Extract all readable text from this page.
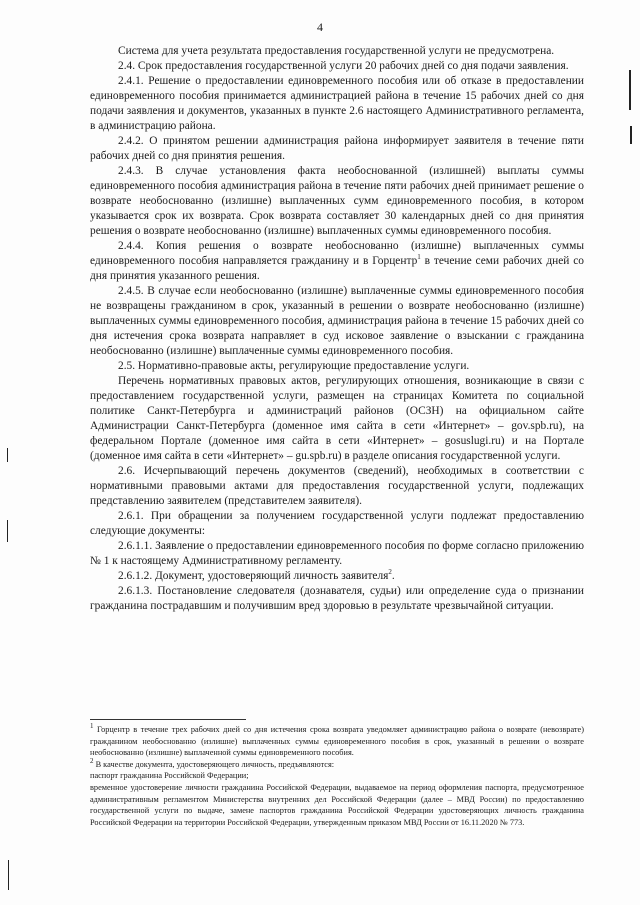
4

Система для учета результата предоставления государственной услуги не предусмотрена.

2.4. Срок предоставления государственной услуги 20 рабочих дней со дня подачи заявления.

2.4.1. Решение о предоставлении единовременного пособия или об отказе в предоставлении единовременного пособия принимается администрацией района в течение 15 рабочих дней со дня подачи заявления и документов, указанных в пункте 2.6 настоящего Административного регламента, в администрацию района.

2.4.2. О принятом решении администрация района информирует заявителя в течение пяти рабочих дней со дня принятия решения.

2.4.3. В случае установления факта необоснованной (излишней) выплаты суммы единовременного пособия администрация района в течение пяти рабочих дней принимает решение о возврате необоснованно (излишне) выплаченных сумм единовременного пособия, в котором указывается срок их возврата. Срок возврата составляет 30 календарных дней со дня принятия решения о возврате необоснованно (излишне) выплаченных суммы единовременного пособия.

2.4.4. Копия решения о возврате необоснованно (излишне) выплаченных суммы единовременного пособия направляется гражданину и в Горцентр$^1$ в течение семи рабочих дней со дня принятия указанного решения.

2.4.5. В случае если необоснованно (излишне) выплаченные суммы единовременного пособия не возвращены гражданином в срок, указанный в решении о возврате необоснованно (излишне) выплаченных суммы единовременного пособия, администрация района в течение 15 рабочих дней со дня истечения срока возврата направляет в суд исковое заявление о взыскании с гражданина необоснованно (излишне) выплаченные суммы единовременного пособия.

2.5. Нормативно-правовые акты, регулирующие предоставление услуги.

Перечень нормативных правовых актов, регулирующих отношения, возникающие в связи с предоставлением государственной услуги, размещен на страницах Комитета по социальной политике Санкт-Петербурга и администраций районов (ОСЗН) на официальном сайте Администрации Санкт-Петербурга (доменное имя сайта в сети «Интернет» – gov.spb.ru), на федеральном Портале (доменное имя сайта в сети «Интернет» – gosuslugi.ru) и на Портале (доменное имя сайта в сети «Интернет» – gu.spb.ru) в разделе описания государственной услуги.

2.6. Исчерпывающий перечень документов (сведений), необходимых в соответствии с нормативными правовыми актами для предоставления государственной услуги, подлежащих представлению заявителем (представителем заявителя).

2.6.1. При обращении за получением государственной услуги подлежат предоставлению следующие документы:

2.6.1.1. Заявление о предоставлении единовременного пособия по форме согласно приложению № 1 к настоящему Административному регламенту.

2.6.1.2. Документ, удостоверяющий личность заявителя$^2$.

2.6.1.3. Постановление следователя (дознавателя, судьи) или определение суда о признании гражданина пострадавшим и получившим вред здоровью в результате чрезвычайной ситуации.

$^1$ Горцентр в течение трех рабочих дней со дня истечения срока возврата уведомляет администрацию района о возврате (невозврате) гражданином необоснованно (излишне) выплаченных суммы единовременного пособия в срок, указанный в решении о возврате необоснованно (излишне) выплаченной суммы единовременного пособия.

$^2$ В качестве документа, удостоверяющего личность, предъявляются:

паспорт гражданина Российской Федерации;

временное удостоверение личности гражданина Российской Федерации, выдаваемое на период оформления паспорта, предусмотренное административным регламентом Министерства внутренних дел Российской Федерации (далее – МВД России) по предоставлению государственной услуги по выдаче, замене паспортов гражданина Российской Федерации удостоверяющих личность гражданина Российской Федерации на территории Российской Федерации, утвержденным приказом МВД России от 16.11.2020 № 773.
